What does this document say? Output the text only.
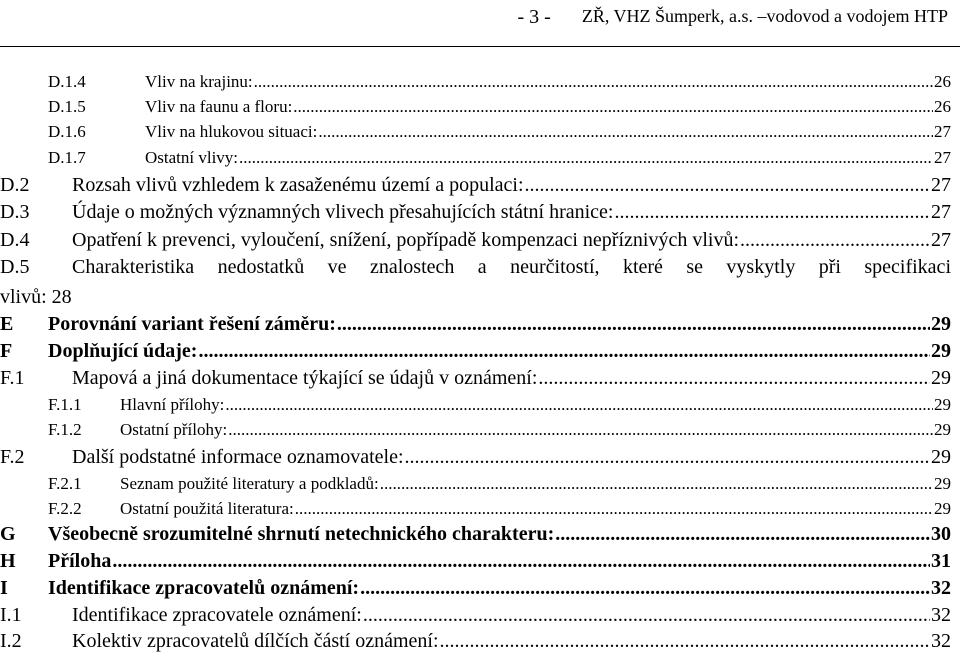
- 3 - ZŘ, VHZ Šumperk, a.s. –vodovod a vodojem HTP
D.1.4	Vliv na krajinu: .....	26
D.1.5	Vliv na faunu a floru: .....	26
D.1.6	Vliv na hlukovou situaci: .....	27
D.1.7	Ostatní vlivy: .....	27
D.2 Rozsah vlivů vzhledem k zasaženému území a populaci: .....	27
D.3 Údaje o možných významných vlivech přesahujících státní hranice: .....	27
D.4 Opatření k prevenci, vyloučení, snížení, popřípadě kompenzaci nepříznivých vlivů: .....	27
D.5 Charakteristika nedostatků ve znalostech a neurčitostí, které se vyskytly při specifikaci
vlivů: 28
E Porovnání variant řešení záměru: .....	29
F Doplňující údaje: .....	29
F.1 Mapová a jiná dokumentace týkající se údajů v oznámení: .....	29
F.1.1 Hlavní přílohy: .....	29
F.1.2 Ostatní přílohy: .....	29
F.2 Další podstatné informace oznamovatele: .....	29
F.2.1 Seznam použité literatury a podkladů: .....	29
F.2.2 Ostatní použitá literatura: .....	29
G Všeobecně srozumitelné shrnutí netechnického charakteru: .....	30
H Příloha .....	31
I Identifikace zpracovatelů oznámení: .....	32
I.1	Identifikace zpracovatele oznámení: .....	32
I.2	Kolektiv zpracovatelů dílčích částí oznámení: .....	32
